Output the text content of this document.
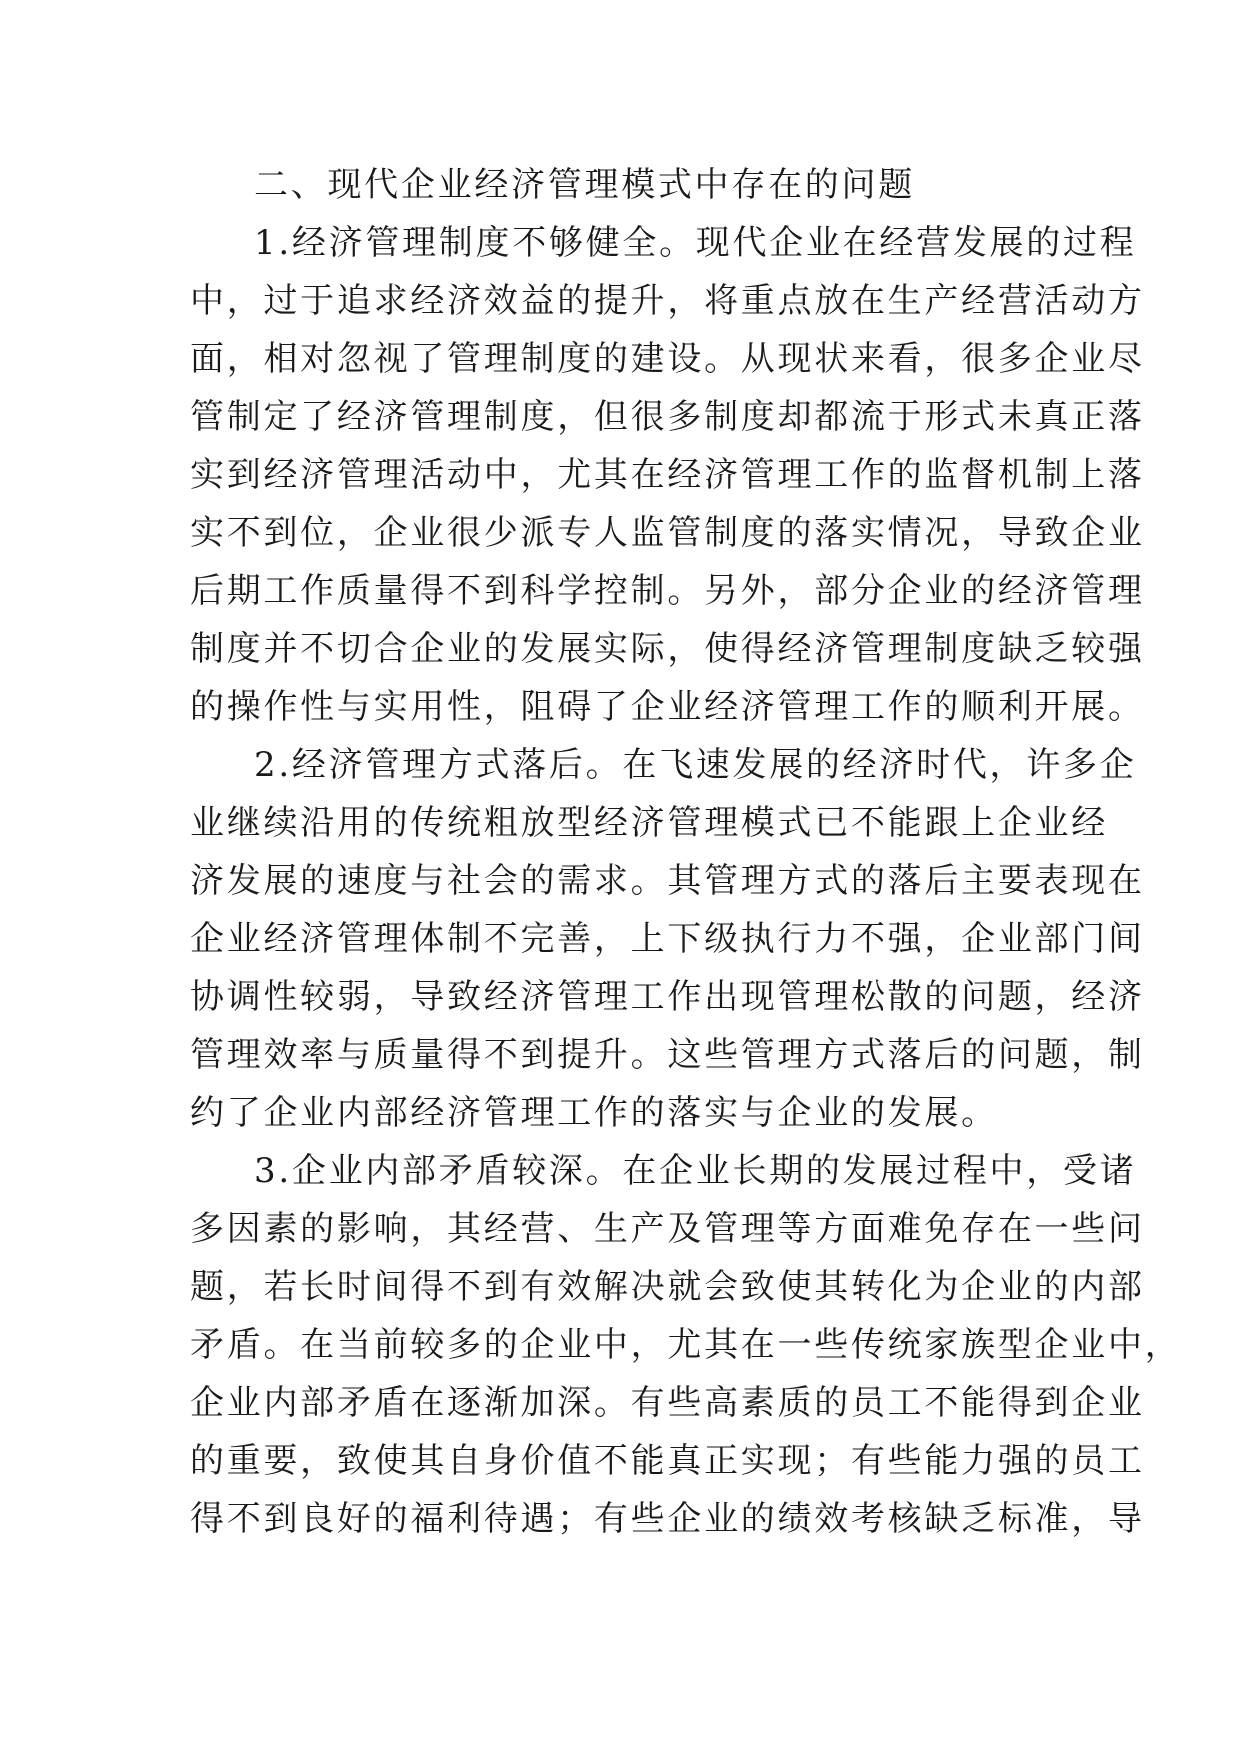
二、现代企业经济管理模式中存在的问题
1.经济管理制度不够健全。现代企业在经营发展的过程
中，过于追求经济效益的提升，将重点放在生产经营活动方
面，相对忽视了管理制度的建设。从现状来看，很多企业尽
管制定了经济管理制度，但很多制度却都流于形式未真正落
实到经济管理活动中，尤其在经济管理工作的监督机制上落
实不到位，企业很少派专人监管制度的落实情况，导致企业
后期工作质量得不到科学控制。另外，部分企业的经济管理
制度并不切合企业的发展实际，使得经济管理制度缺乏较强
的操作性与实用性，阻碍了企业经济管理工作的顺利开展。
2.经济管理方式落后。在飞速发展的经济时代，许多企
业继续沿用的传统粗放型经济管理模式已不能跟上企业经
济发展的速度与社会的需求。其管理方式的落后主要表现在
企业经济管理体制不完善，上下级执行力不强，企业部门间
协调性较弱，导致经济管理工作出现管理松散的问题，经济
管理效率与质量得不到提升。这些管理方式落后的问题，制
约了企业内部经济管理工作的落实与企业的发展。
3.企业内部矛盾较深。在企业长期的发展过程中，受诸
多因素的影响，其经营、生产及管理等方面难免存在一些问
题，若长时间得不到有效解决就会致使其转化为企业的内部
矛盾。在当前较多的企业中，尤其在一些传统家族型企业中，
企业内部矛盾在逐渐加深。有些高素质的员工不能得到企业
的重要，致使其自身价值不能真正实现；有些能力强的员工
得不到良好的福利待遇；有些企业的绩效考核缺乏标准，导
